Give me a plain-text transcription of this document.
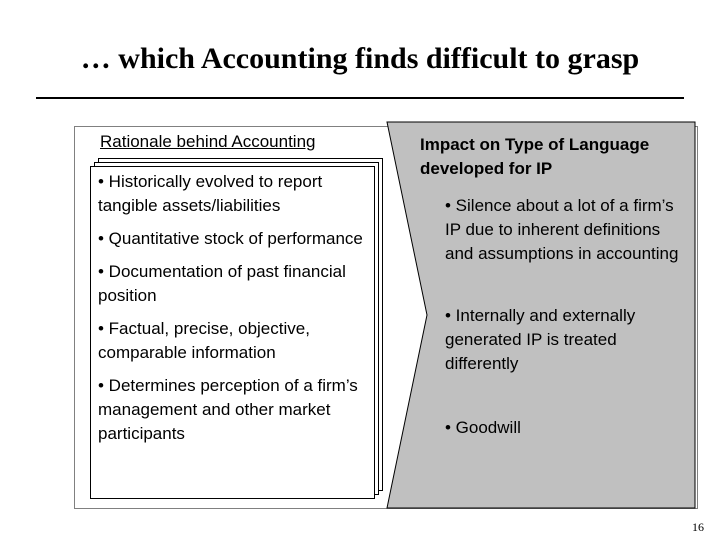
… which Accounting finds difficult to grasp
Rationale behind Accounting
• Historically evolved to report tangible assets/liabilities
• Quantitative stock of performance
• Documentation of past financial position
• Factual, precise, objective, comparable information
• Determines perception of a firm’s management and other market participants
Impact on Type of Language developed for IP
• Silence about a lot of a firm’s IP due to inherent definitions and assumptions in accounting
• Internally and externally generated IP is treated differently
• Goodwill
16
